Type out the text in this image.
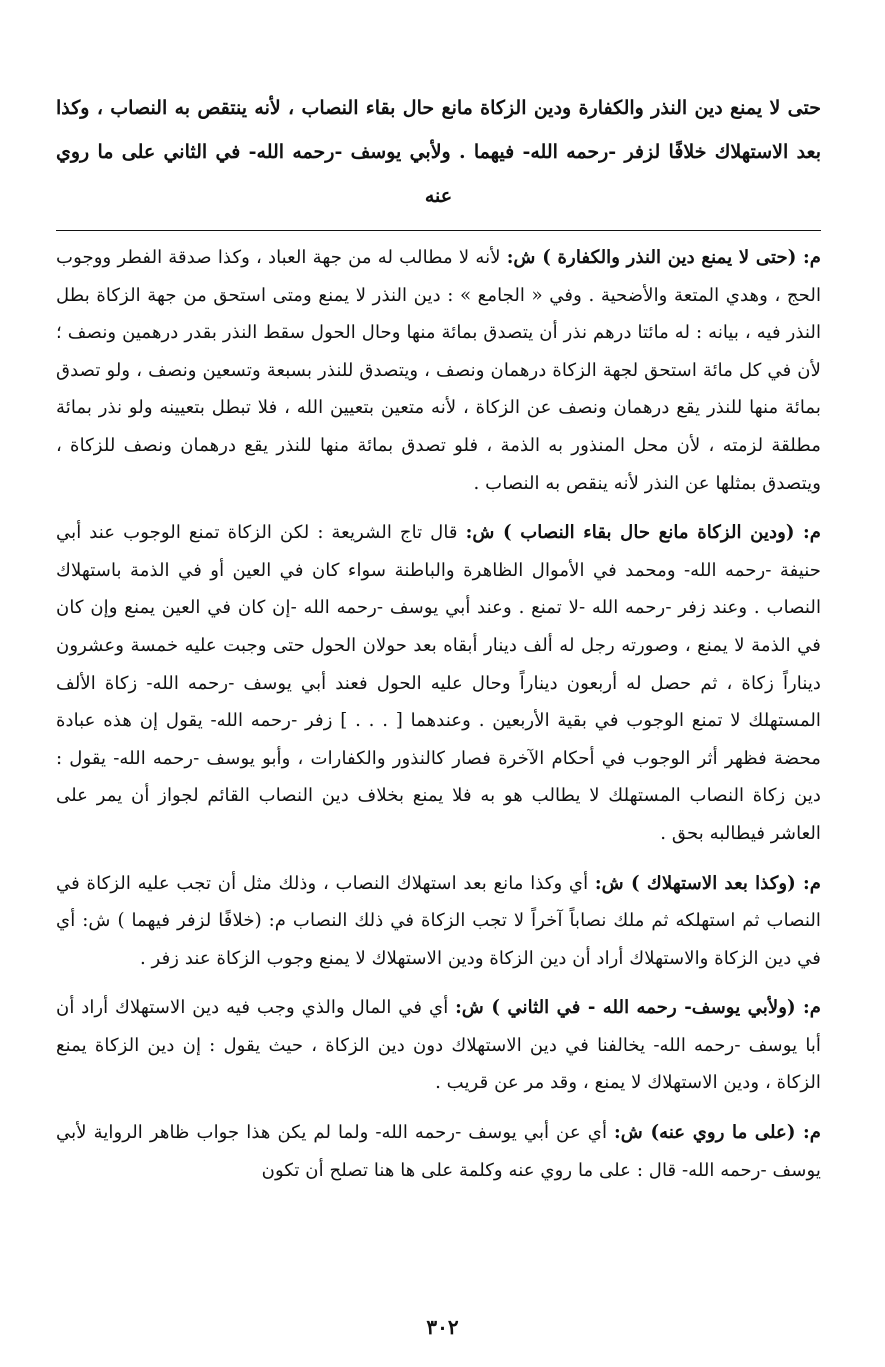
حتى لا يمنع دين النذر والكفارة ودين الزكاة مانع حال بقاء النصاب ، لأنه ينتقص به النصاب ، وكذا بعد الاستهلاك خلافًا لزفر -رحمه الله- فيهما . ولأبي يوسف -رحمه الله- في الثاني على ما روي عنه

م: (حتى لا يمنع دين النذر والكفارة ) ش: لأنه لا مطالب له من جهة العباد ، وكذا صدقة الفطر ووجوب الحج ، وهدي المتعة والأضحية . وفي « الجامع » : دين النذر لا يمنع ومتى استحق من جهة الزكاة بطل النذر فيه ، بيانه : له مائتا درهم نذر أن يتصدق بمائة منها وحال الحول سقط النذر بقدر درهمين ونصف ؛ لأن في كل مائة استحق لجهة الزكاة درهمان ونصف ، ويتصدق للنذر بسبعة وتسعين ونصف ، ولو تصدق بمائة منها للنذر يقع درهمان ونصف عن الزكاة ، لأنه متعين بتعيين الله ، فلا تبطل بتعيينه ولو نذر بمائة مطلقة لزمته ، لأن محل المنذور به الذمة ، فلو تصدق بمائة منها للنذر يقع درهمان ونصف للزكاة ، ويتصدق بمثلها عن النذر لأنه ينقص به النصاب .

م: (ودين الزكاة مانع حال بقاء النصاب ) ش: قال تاج الشريعة : لكن الزكاة تمنع الوجوب عند أبي حنيفة -رحمه الله- ومحمد في الأموال الظاهرة والباطنة سواء كان في العين أو في الذمة باستهلاك النصاب . وعند زفر -رحمه الله -لا تمنع . وعند أبي يوسف -رحمه الله -إن كان في العين يمنع وإن كان في الذمة لا يمنع ، وصورته رجل له ألف دينار أبقاه بعد حولان الحول حتى وجبت عليه خمسة وعشرون ديناراً زكاة ، ثم حصل له أربعون ديناراً وحال عليه الحول فعند أبي يوسف -رحمه الله- زكاة الألف المستهلك لا تمنع الوجوب في بقية الأربعين . وعندهما [ . . . ] زفر -رحمه الله- يقول إن هذه عبادة محضة فظهر أثر الوجوب في أحكام الآخرة فصار كالنذور والكفارات ، وأبو يوسف -رحمه الله- يقول : دين زكاة النصاب المستهلك لا يطالب هو به فلا يمنع بخلاف دين النصاب القائم لجواز أن يمر على العاشر فيطالبه بحق .

م: (وكذا بعد الاستهلاك ) ش: أي وكذا مانع بعد استهلاك النصاب ، وذلك مثل أن تجب عليه الزكاة في النصاب ثم استهلكه ثم ملك نصاباً آخراً لا تجب الزكاة في ذلك النصاب م: (خلافًا لزفر فيهما ) ش: أي في دين الزكاة والاستهلاك أراد أن دين الزكاة ودين الاستهلاك لا يمنع وجوب الزكاة عند زفر .

م: (ولأبي يوسف- رحمه الله - في الثاني ) ش: أي في المال والذي وجب فيه دين الاستهلاك أراد أن أبا يوسف -رحمه الله- يخالفنا في دين الاستهلاك دون دين الزكاة ، حيث يقول : إن دين الزكاة يمنع الزكاة ، ودين الاستهلاك لا يمنع ، وقد مر عن قريب .

م: (على ما روي عنه) ش: أي عن أبي يوسف -رحمه الله- ولما لم يكن هذا جواب ظاهر الرواية لأبي يوسف -رحمه الله- قال : على ما روي عنه وكلمة على ها هنا تصلح أن تكون

٣٠٢
